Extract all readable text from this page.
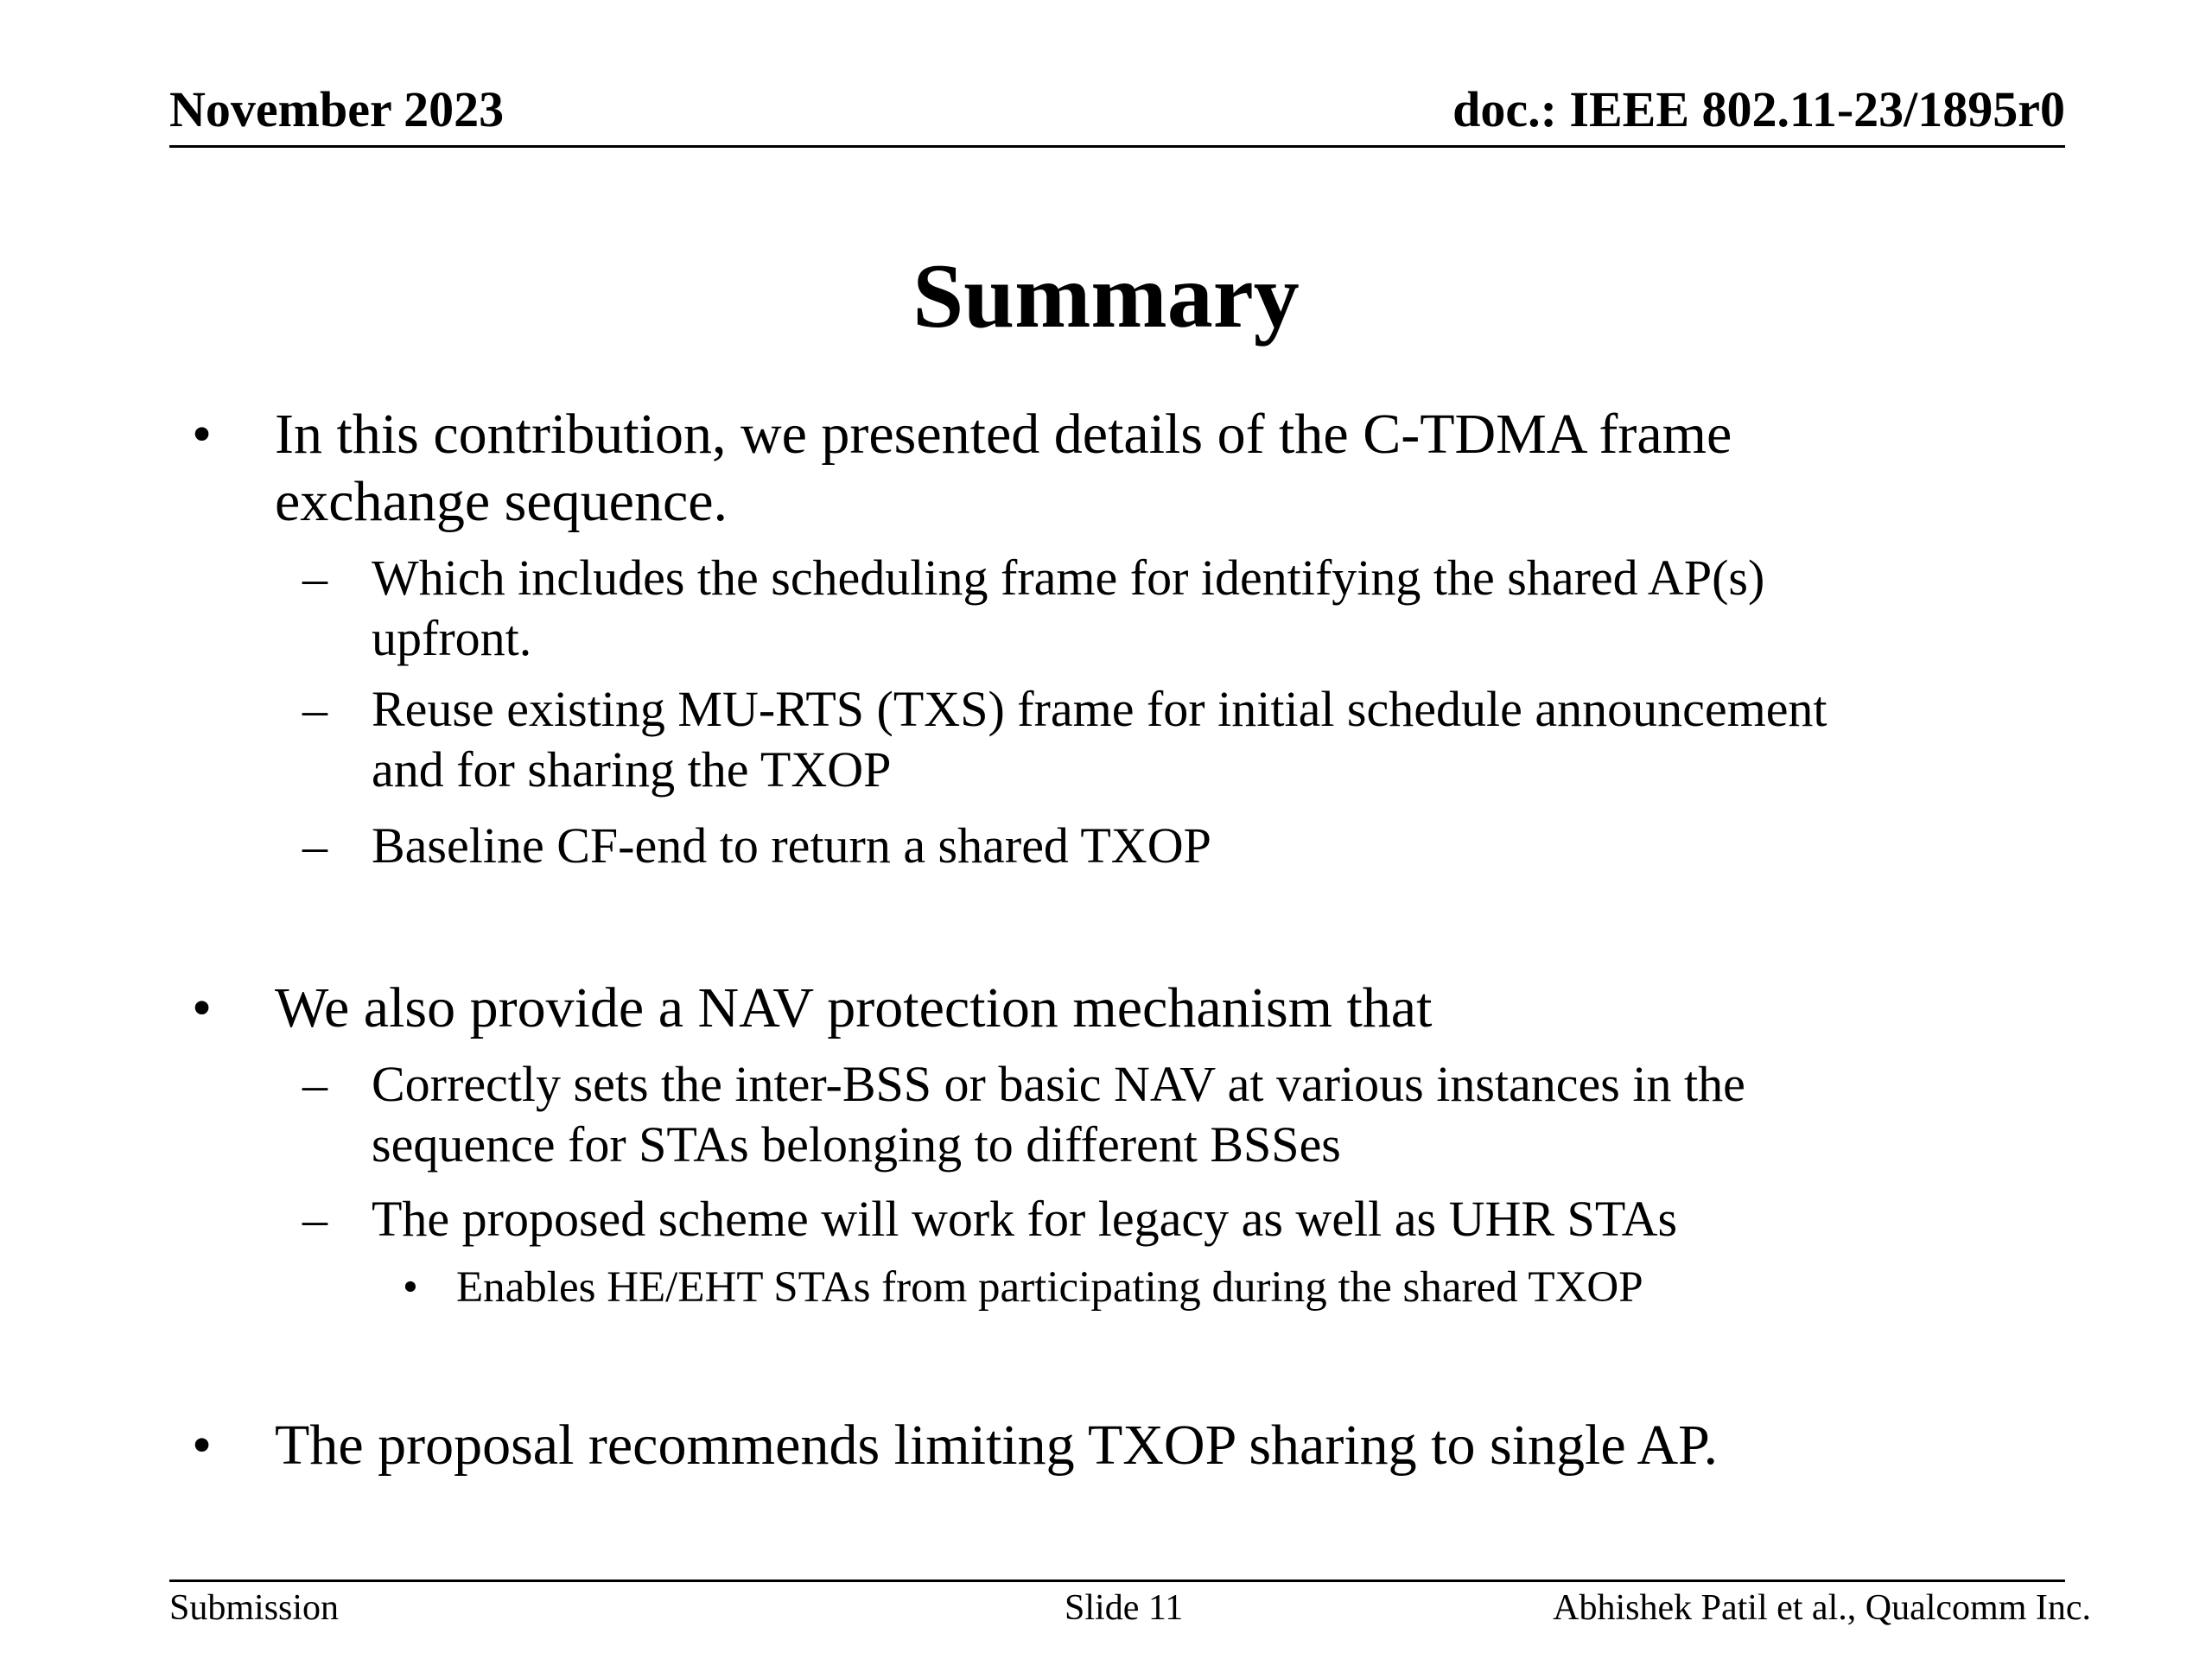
November 2023	doc.: IEEE 802.11-23/1895r0
Summary
• In this contribution, we presented details of the C-TDMA frame
exchange sequence.
– Which includes the scheduling frame for identifying the shared AP(s)
upfront.
– Reuse existing MU-RTS (TXS) frame for initial schedule announcement
and for sharing the TXOP
– Baseline CF-end to return a shared TXOP
• We also provide a NAV protection mechanism that
– Correctly sets the inter-BSS or basic NAV at various instances in the
sequence for STAs belonging to different BSSes
– The proposed scheme will work for legacy as well as UHR STAs
• Enables HE/EHT STAs from participating during the shared TXOP
• The proposal recommends limiting TXOP sharing to single AP.
Submission	Slide 11	Abhishek Patil et al., Qualcomm Inc.
